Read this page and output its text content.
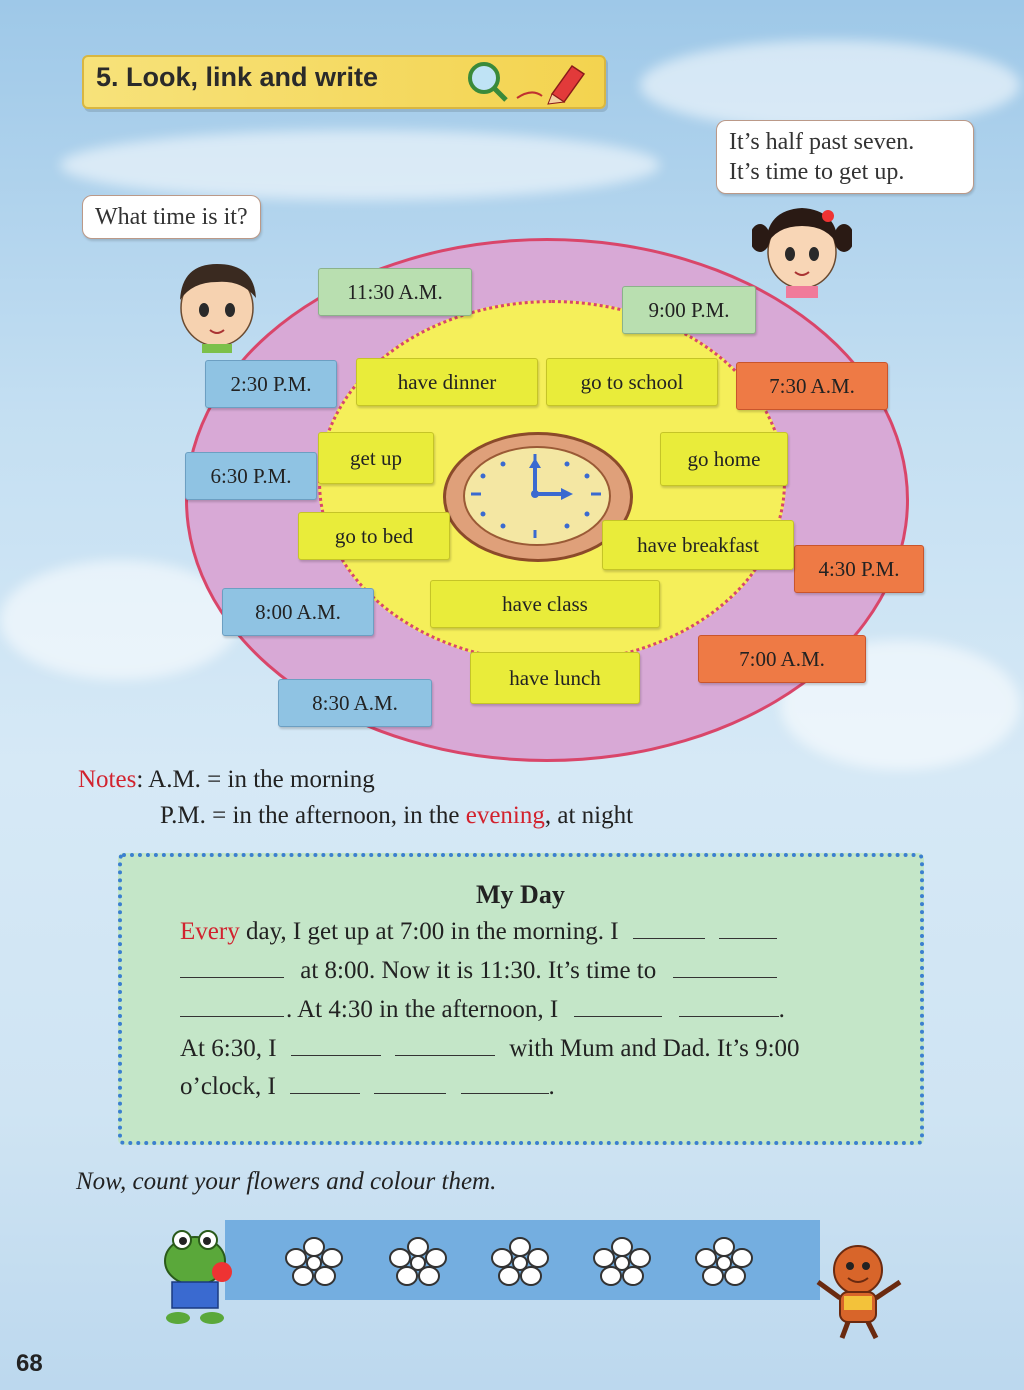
5. Look, link and write
What time is it?
It’s half past seven.
It’s time to get up.
11:30 A.M.
9:00 P.M.
2:30 P.M.	7:30 A.M.
6:30 P.M.
4:30 P.M.
8:00 A.M.
7:00 A.M.
8:30 A.M.
have dinner	go to school
get up	go home
go to bed	have breakfast
have class
have lunch
Notes: A.M. = in the morning
P.M. = in the afternoon, in the evening, at night
My Day
Every day, I get up at 7:00 in the morning. I
at 8:00. Now it is 11:30. It’s time to
. At 4:30 in the afternoon, I	.
At 6:30, I	with Mum and Dad. It’s 9:00
o’clock, I	.
Now, count your flowers and colour them.
68
